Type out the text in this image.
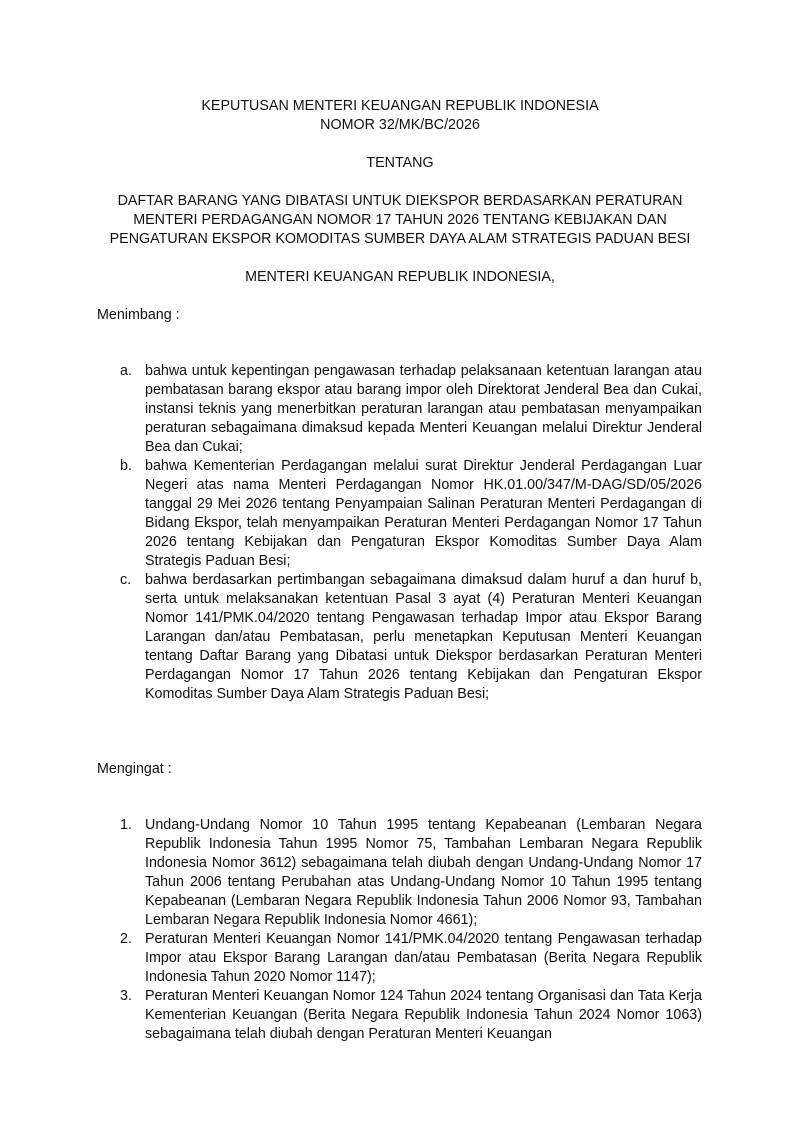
KEPUTUSAN MENTERI KEUANGAN REPUBLIK INDONESIA
NOMOR 32/MK/BC/2026
TENTANG
DAFTAR BARANG YANG DIBATASI UNTUK DIEKSPOR BERDASARKAN PERATURAN
MENTERI PERDAGANGAN NOMOR 17 TAHUN 2026 TENTANG KEBIJAKAN DAN
PENGATURAN EKSPOR KOMODITAS SUMBER DAYA ALAM STRATEGIS PADUAN BESI
MENTERI KEUANGAN REPUBLIK INDONESIA,
Menimbang :
a. bahwa untuk kepentingan pengawasan terhadap pelaksanaan ketentuan larangan atau pembatasan barang ekspor atau barang impor oleh Direktorat Jenderal Bea dan Cukai, instansi teknis yang menerbitkan peraturan larangan atau pembatasan menyampaikan peraturan sebagaimana dimaksud kepada Menteri Keuangan melalui Direktur Jenderal Bea dan Cukai;
b. bahwa Kementerian Perdagangan melalui surat Direktur Jenderal Perdagangan Luar Negeri atas nama Menteri Perdagangan Nomor HK.01.00/347/M-DAG/SD/05/2026 tanggal 29 Mei 2026 tentang Penyampaian Salinan Peraturan Menteri Perdagangan di Bidang Ekspor, telah menyampaikan Peraturan Menteri Perdagangan Nomor 17 Tahun 2026 tentang Kebijakan dan Pengaturan Ekspor Komoditas Sumber Daya Alam Strategis Paduan Besi;
c. bahwa berdasarkan pertimbangan sebagaimana dimaksud dalam huruf a dan huruf b, serta untuk melaksanakan ketentuan Pasal 3 ayat (4) Peraturan Menteri Keuangan Nomor 141/PMK.04/2020 tentang Pengawasan terhadap Impor atau Ekspor Barang Larangan dan/atau Pembatasan, perlu menetapkan Keputusan Menteri Keuangan tentang Daftar Barang yang Dibatasi untuk Diekspor berdasarkan Peraturan Menteri Perdagangan Nomor 17 Tahun 2026 tentang Kebijakan dan Pengaturan Ekspor Komoditas Sumber Daya Alam Strategis Paduan Besi;
Mengingat :
1. Undang-Undang Nomor 10 Tahun 1995 tentang Kepabeanan (Lembaran Negara Republik Indonesia Tahun 1995 Nomor 75, Tambahan Lembaran Negara Republik Indonesia Nomor 3612) sebagaimana telah diubah dengan Undang-Undang Nomor 17 Tahun 2006 tentang Perubahan atas Undang-Undang Nomor 10 Tahun 1995 tentang Kepabeanan (Lembaran Negara Republik Indonesia Tahun 2006 Nomor 93, Tambahan Lembaran Negara Republik Indonesia Nomor 4661);
2. Peraturan Menteri Keuangan Nomor 141/PMK.04/2020 tentang Pengawasan terhadap Impor atau Ekspor Barang Larangan dan/atau Pembatasan (Berita Negara Republik Indonesia Tahun 2020 Nomor 1147);
3. Peraturan Menteri Keuangan Nomor 124 Tahun 2024 tentang Organisasi dan Tata Kerja Kementerian Keuangan (Berita Negara Republik Indonesia Tahun 2024 Nomor 1063) sebagaimana telah diubah dengan Peraturan Menteri Keuangan
